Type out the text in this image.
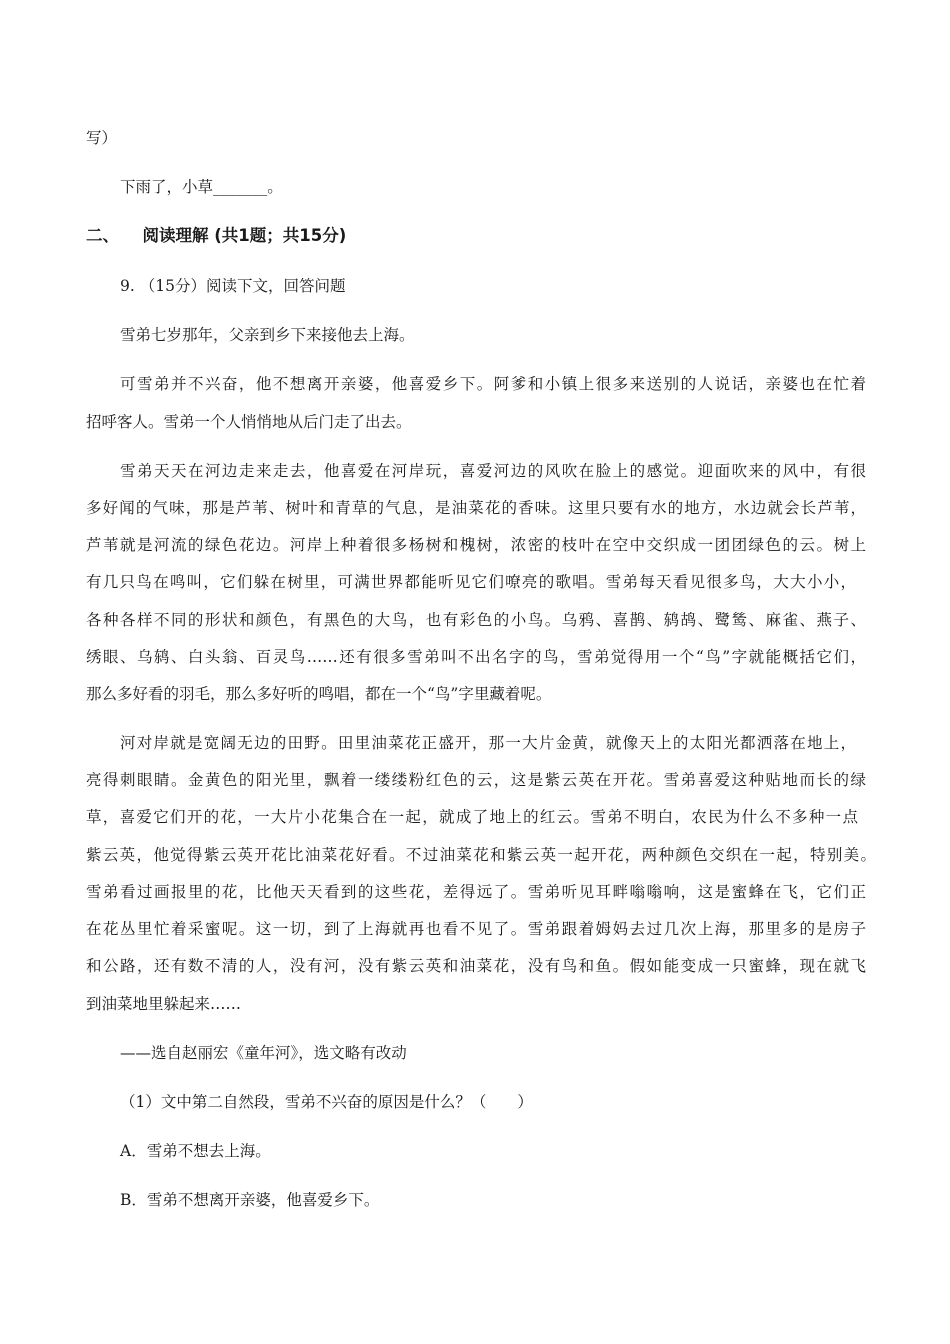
写）
下雨了，小草_______。
二、 阅读理解 (共1题；共15分)
9. （15分）阅读下文，回答问题
雪弟七岁那年，父亲到乡下来接他去上海。
可雪弟并不兴奋，他不想离开亲婆，他喜爱乡下。阿爹和小镇上很多来送别的人说话，亲婆也在忙着
招呼客人。雪弟一个人悄悄地从后门走了出去。
雪弟天天在河边走来走去，他喜爱在河岸玩，喜爱河边的风吹在脸上的感觉。迎面吹来的风中，有很
多好闻的气味，那是芦苇、树叶和青草的气息，是油菜花的香味。这里只要有水的地方，水边就会长芦苇，
芦苇就是河流的绿色花边。河岸上种着很多杨树和槐树，浓密的枝叶在空中交织成一团团绿色的云。树上
有几只鸟在鸣叫，它们躲在树里，可满世界都能听见它们嘹亮的歌唱。雪弟每天看见很多鸟，大大小小，
各种各样不同的形状和颜色，有黑色的大鸟，也有彩色的小鸟。乌鸦、喜鹊、鸫鸪、鹭鸶、麻雀、燕子、
绣眼、乌鸫、白头翁、百灵鸟……还有很多雪弟叫不出名字的鸟，雪弟觉得用一个“鸟”字就能概括它们，
那么多好看的羽毛，那么多好听的鸣唱，都在一个“鸟”字里藏着呢。
河对岸就是宽阔无边的田野。田里油菜花正盛开，那一大片金黄，就像天上的太阳光都洒落在地上，
亮得刺眼睛。金黄色的阳光里，飘着一缕缕粉红色的云，这是紫云英在开花。雪弟喜爱这种贴地而长的绿
草，喜爱它们开的花，一大片小花集合在一起，就成了地上的红云。雪弟不明白，农民为什么不多种一点
紫云英，他觉得紫云英开花比油菜花好看。不过油菜花和紫云英一起开花，两种颜色交织在一起，特别美。
雪弟看过画报里的花，比他天天看到的这些花，差得远了。雪弟听见耳畔嗡嗡响，这是蜜蜂在飞，它们正
在花丛里忙着采蜜呢。这一切，到了上海就再也看不见了。雪弟跟着姆妈去过几次上海，那里多的是房子
和公路，还有数不清的人，没有河，没有紫云英和油菜花，没有鸟和鱼。假如能变成一只蜜蜂，现在就飞
到油菜地里躲起来……
——选自赵丽宏《童年河》，选文略有改动
（1）文中第二自然段，雪弟不兴奋的原因是什么？（　　）
A．雪弟不想去上海。
B．雪弟不想离开亲婆，他喜爱乡下。
